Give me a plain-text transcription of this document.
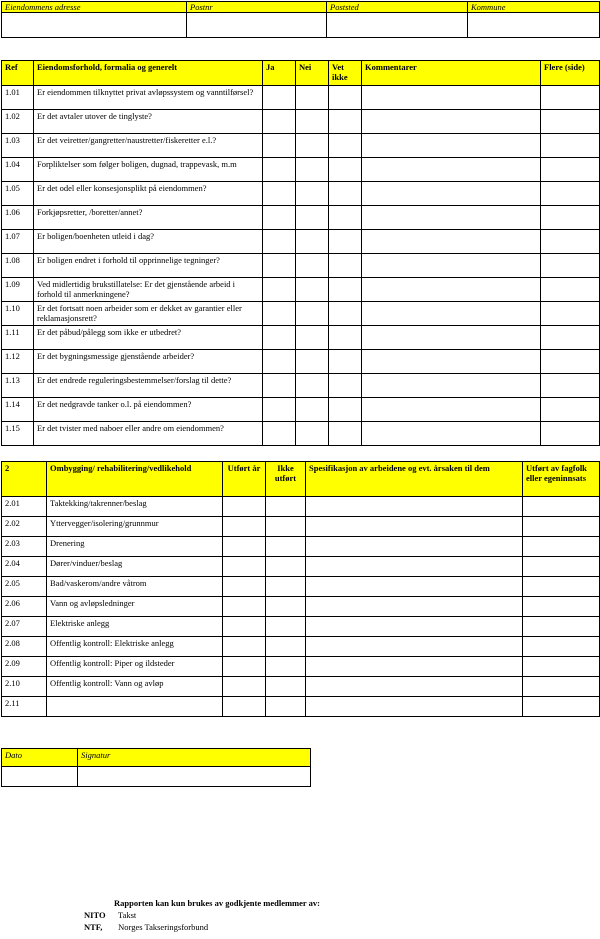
Eiendommens adresse	Postnr	Poststed	Kommune

Ref	Eiendomsforhold, formalia og generelt	Ja	Nei	Vet ikke	Kommentarer	Flere (side)
1.01	Er eiendommen tilknyttet privat avløpssystem og vanntilførsel?					
1.02	Er det avtaler utover de tinglyste?					
1.03	Er det veiretter/gangretter/naustretter/fiskeretter e.l.?					
1.04	Forpliktelser som følger boligen, dugnad, trappevask, m.m					
1.05	Er det odel eller konsesjonsplikt på eiendommen?					
1.06	Forkjøpsretter, /boretter/annet?					
1.07	Er boligen/boenheten utleid i dag?					
1.08	Er boligen endret i forhold til opprinnelige tegninger?					
1.09	Ved midlertidig brukstillatelse: Er det gjenstående arbeid i forhold til anmerkningene?					
1.10	Er det fortsatt noen arbeider som er dekket av garantier eller reklamasjonsrett?					
1.11	Er det påbud/pålegg som ikke er utbedret?					
1.12	Er det bygningsmessige gjenstående arbeider?					
1.13	Er det endrede reguleringsbestemmelser/forslag til dette?					
1.14	Er det nedgravde tanker o.l. på eiendommen?					
1.15	Er det tvister med naboer eller andre om eiendommen?					
2	Ombygging/ rehabilitering/vedlikehold	Utført år	Ikke utført	Spesifikasjon av arbeidene og evt. årsaken til dem	Utført av fagfolk eller egeninnsats
2.01	Taktekking/takrenner/beslag				
2.02	Yttervegger/isolering/grunnmur				
2.03	Drenering				
2.04	Dører/vinduer/beslag				
2.05	Bad/vaskerom/andre våtrom				
2.06	Vann og avløpsledninger				
2.07	Elektriske anlegg				
2.08	Offentlig kontroll: Elektriske anlegg				
2.09	Offentlig kontroll: Piper og ildsteder				
2.10	Offentlig kontroll: Vann og avløp				
2.11					
Dato	Signatur

Rapporten kan kun brukes av godkjente medlemmer av:
NITO Takst
NTF, Norges Takseringsforbund
